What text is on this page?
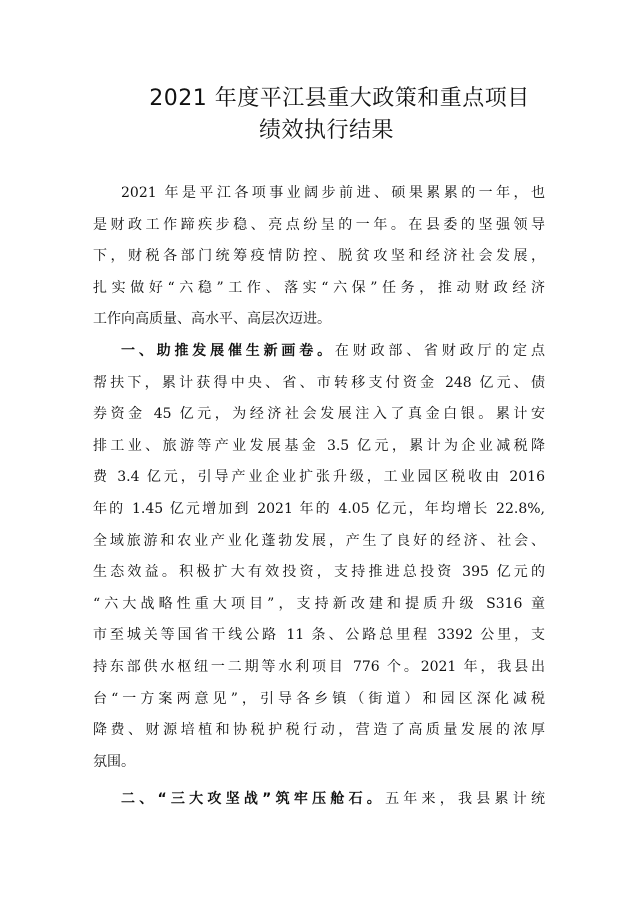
2021 年度平江县重大政策和重点项目
绩效执行结果
2021 年是平江各项事业阔步前进、硕果累累的一年，也
是财政工作蹄疾步稳、亮点纷呈的一年。在县委的坚强领导
下，财税各部门统筹疫情防控、脱贫攻坚和经济社会发展，
扎实做好“六稳”工作、落实“六保”任务，推动财政经济
工作向高质量、高水平、高层次迈进。
一、助推发展催生新画卷。在财政部、省财政厅的定点
帮扶下，累计获得中央、省、市转移支付资金 248 亿元、债
券资金 45 亿元，为经济社会发展注入了真金白银。累计安
排工业、旅游等产业发展基金 3.5 亿元，累计为企业减税降
费 3.4 亿元，引导产业企业扩张升级，工业园区税收由 2016
年的 1.45 亿元增加到 2021 年的 4.05 亿元，年均增长 22.8%,
全域旅游和农业产业化蓬勃发展，产生了良好的经济、社会、
生态效益。积极扩大有效投资，支持推进总投资 395 亿元的
“六大战略性重大项目”，支持新改建和提质升级 S316 童
市至城关等国省干线公路 11 条、公路总里程 3392 公里，支
持东部供水枢纽一二期等水利项目 776 个。2021 年，我县出
台“一方案两意见”，引导各乡镇（街道）和园区深化减税
降费、财源培植和协税护税行动，营造了高质量发展的浓厚
氛围。
二、“三大攻坚战”筑牢压舱石。五年来，我县累计统
